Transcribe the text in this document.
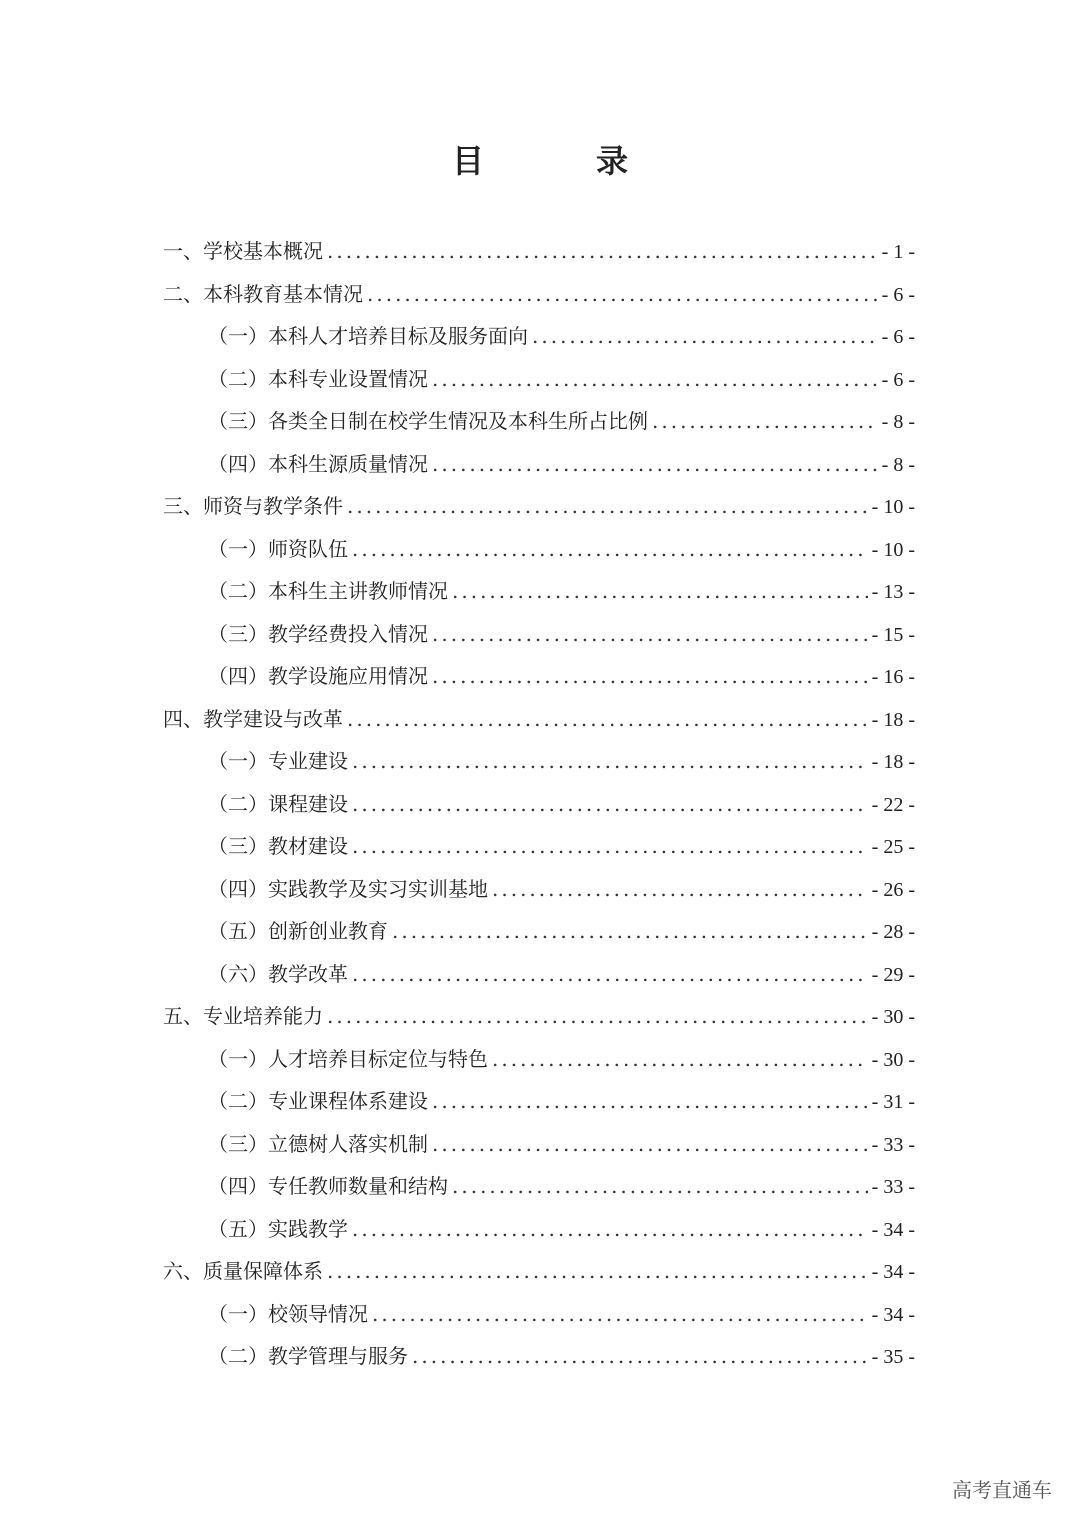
目　录
一、学校基本概况 .....	- 1 -
二、本科教育基本情况 .....	- 6 -
（一）本科人才培养目标及服务面向 .....	- 6 -
（二）本科专业设置情况 .....	- 6 -
（三）各类全日制在校学生情况及本科生所占比例 .....	- 8 -
（四）本科生源质量情况 .....	- 8 -
三、师资与教学条件 .....	- 10 -
（一）师资队伍 .....	- 10 -
（二）本科生主讲教师情况 .....	- 13 -
（三）教学经费投入情况 .....	- 15 -
（四）教学设施应用情况 .....	- 16 -
四、教学建设与改革 .....	- 18 -
（一）专业建设 .....	- 18 -
（二）课程建设 .....	- 22 -
（三）教材建设 .....	- 25 -
（四）实践教学及实习实训基地 .....	- 26 -
（五）创新创业教育 .....	- 28 -
（六）教学改革 .....	- 29 -
五、专业培养能力 .....	- 30 -
（一）人才培养目标定位与特色 .....	- 30 -
（二）专业课程体系建设 .....	- 31 -
（三）立德树人落实机制 .....	- 33 -
（四）专任教师数量和结构 .....	- 33 -
（五）实践教学 .....	- 34 -
六、质量保障体系 .....	- 34 -
（一）校领导情况 .....	- 34 -
（二）教学管理与服务 .....	- 35 -
高考直通车
